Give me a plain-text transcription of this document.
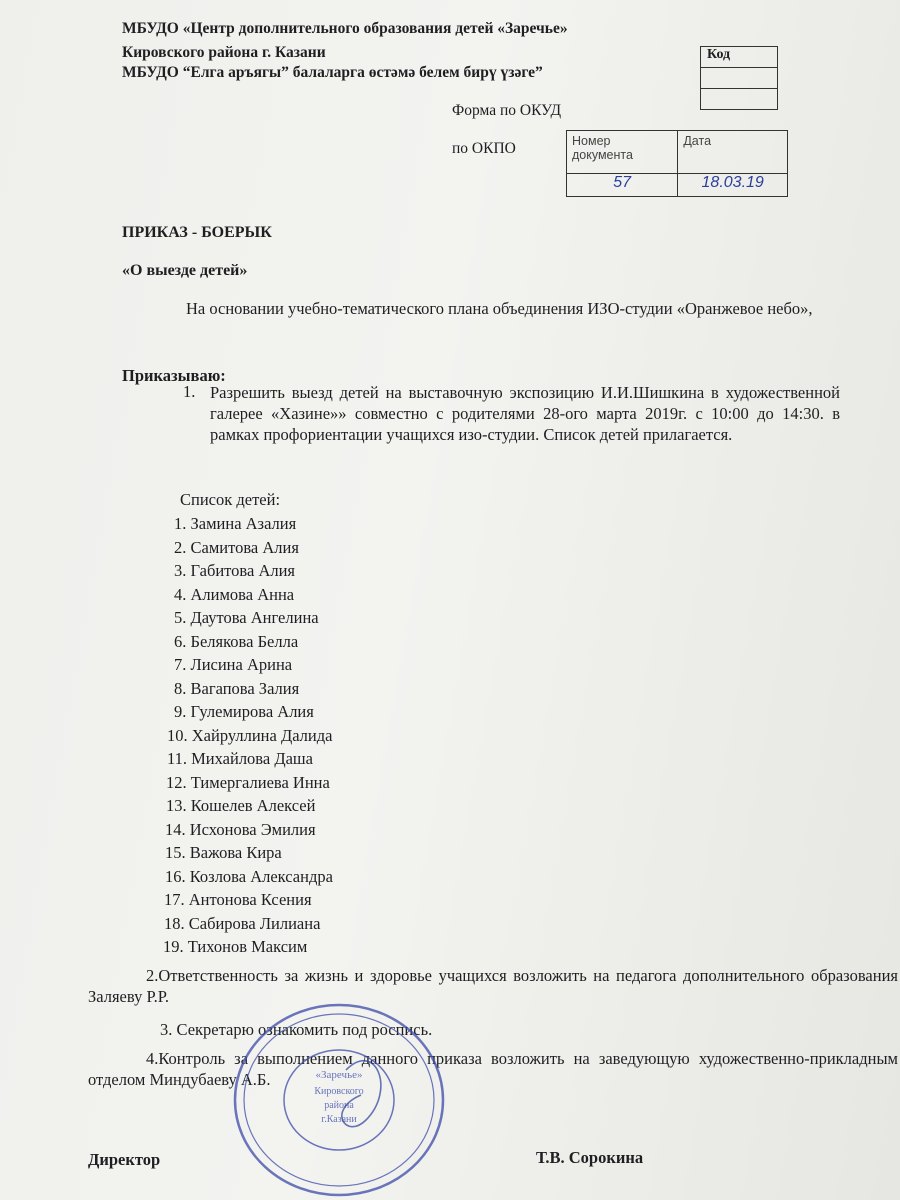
МБУДО «Центр дополнительного образования детей «Заречье»
Кировского района г. Казани
МБУДО “Елга аръягы” балаларга өстәмә белем бирү үзәге”
Код

Форма по ОКУД
по ОКПО	Номер документа	Дата
57	18.03.19
ПРИКАЗ - БОЕРЫК
«О выезде детей»
На основании учебно-тематического плана объединения ИЗО-студии «Оранжевое небо»,
Приказываю:
1. Разрешить выезд детей на выставочную экспозицию И.И.Шишкина в художественной галерее «Хазине»» совместно с родителями 28-ого марта 2019г. с 10:00 до 14:30. в рамках профориентации учащихся изо-студии. Список детей прилагается.
Список детей:
1. Замина Азалия
2. Самитова Алия
3. Габитова Алия
4. Алимова Анна
5. Даутова Ангелина
6. Белякова Белла
7. Лисина Арина
8. Вагапова Залия
9. Гулемирова Алия
10. Хайруллина Далида
11. Михайлова Даша
12. Тимергалиева Инна
13. Кошелев Алексей
14. Исхонова Эмилия
15. Важова Кира
16. Козлова Александра
17. Антонова Ксения
18. Сабирова Лилиана
19. Тихонов Максим
2.Ответственность за жизнь и здоровье учащихся возложить на педагога дополнительного образования Заляеву Р.Р.
3. Секретарю ознакомить под роспись.
4.Контроль за выполнением данного приказа возложить на заведующую художественно-прикладным отделом Миндубаеву А.Б.	«Заречье»
Кировского
района
г.Казани
Директор	Т.В. Сорокина
